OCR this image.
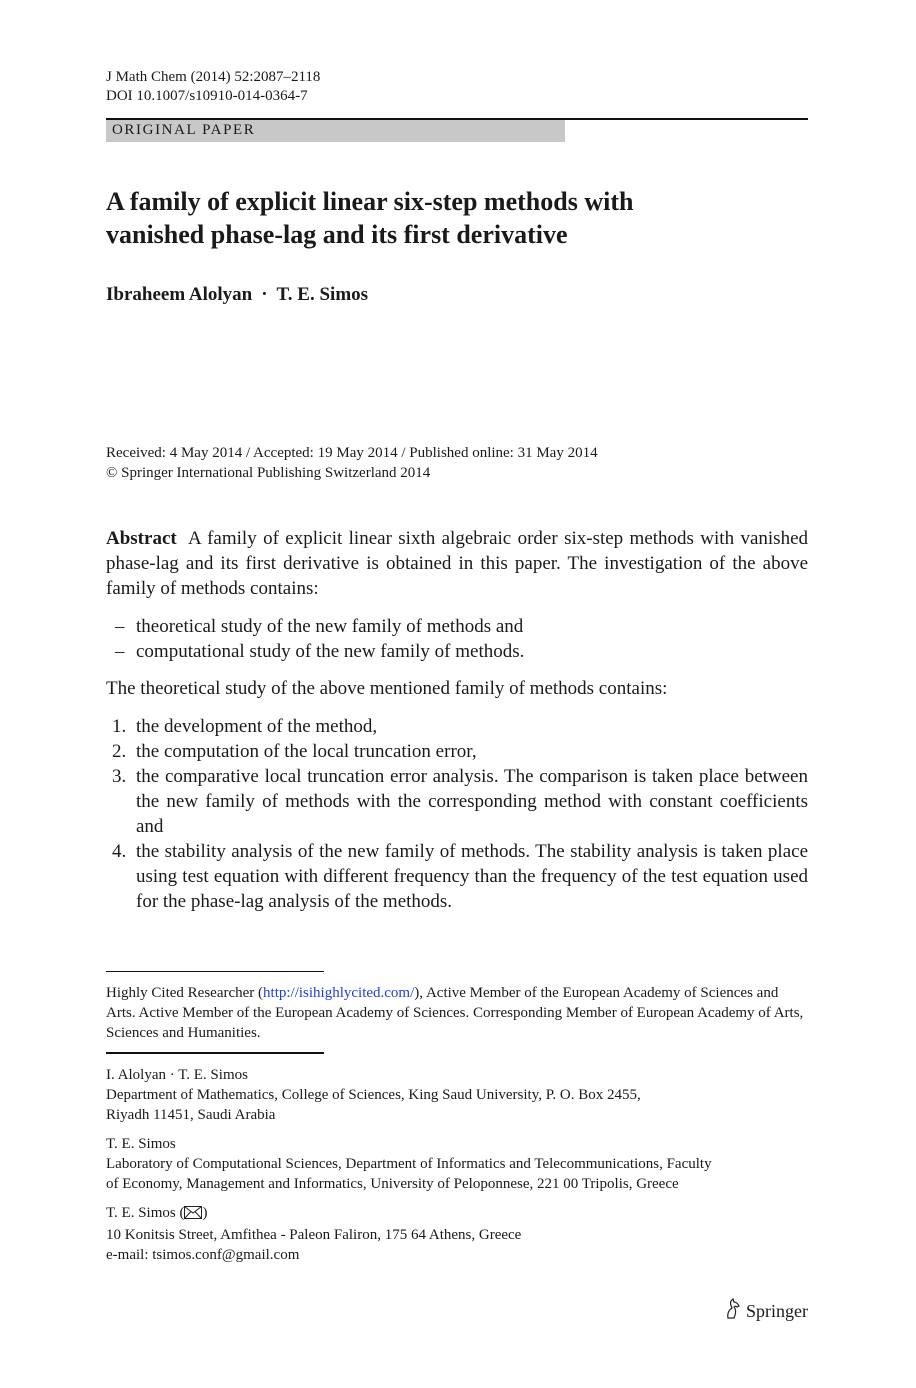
J Math Chem (2014) 52:2087–2118
DOI 10.1007/s10910-014-0364-7
ORIGINAL PAPER
A family of explicit linear six-step methods with
vanished phase-lag and its first derivative
Ibraheem Alolyan · T. E. Simos
Received: 4 May 2014 / Accepted: 19 May 2014 / Published online: 31 May 2014
© Springer International Publishing Switzerland 2014

Abstract A family of explicit linear sixth algebraic order six-step methods with vanished phase-lag and its first derivative is obtained in this paper. The investigation of the above family of methods contains:

– theoretical study of the new family of methods and
– computational study of the new family of methods.

The theoretical study of the above mentioned family of methods contains:

1. the development of the method,
2. the computation of the local truncation error,
3. the comparative local truncation error analysis. The comparison is taken place between the new family of methods with the corresponding method with constant coefficients and
4. the stability analysis of the new family of methods. The stability analysis is taken place using test equation with different frequency than the frequency of the test equation used for the phase-lag analysis of the methods.
Highly Cited Researcher (http://isihighlycited.com/), Active Member of the European Academy of Sciences and Arts. Active Member of the European Academy of Sciences. Corresponding Member of European Academy of Arts, Sciences and Humanities.
I. Alolyan · T. E. Simos
Department of Mathematics, College of Sciences, King Saud University, P. O. Box 2455,
Riyadh 11451, Saudi Arabia
T. E. Simos
Laboratory of Computational Sciences, Department of Informatics and Telecommunications, Faculty
of Economy, Management and Informatics, University of Peloponnese, 221 00 Tripolis, Greece
T. E. Simos ( )
10 Konitsis Street, Amfithea - Paleon Faliron, 175 64 Athens, Greece
e-mail: tsimos.conf@gmail.com
Springer
